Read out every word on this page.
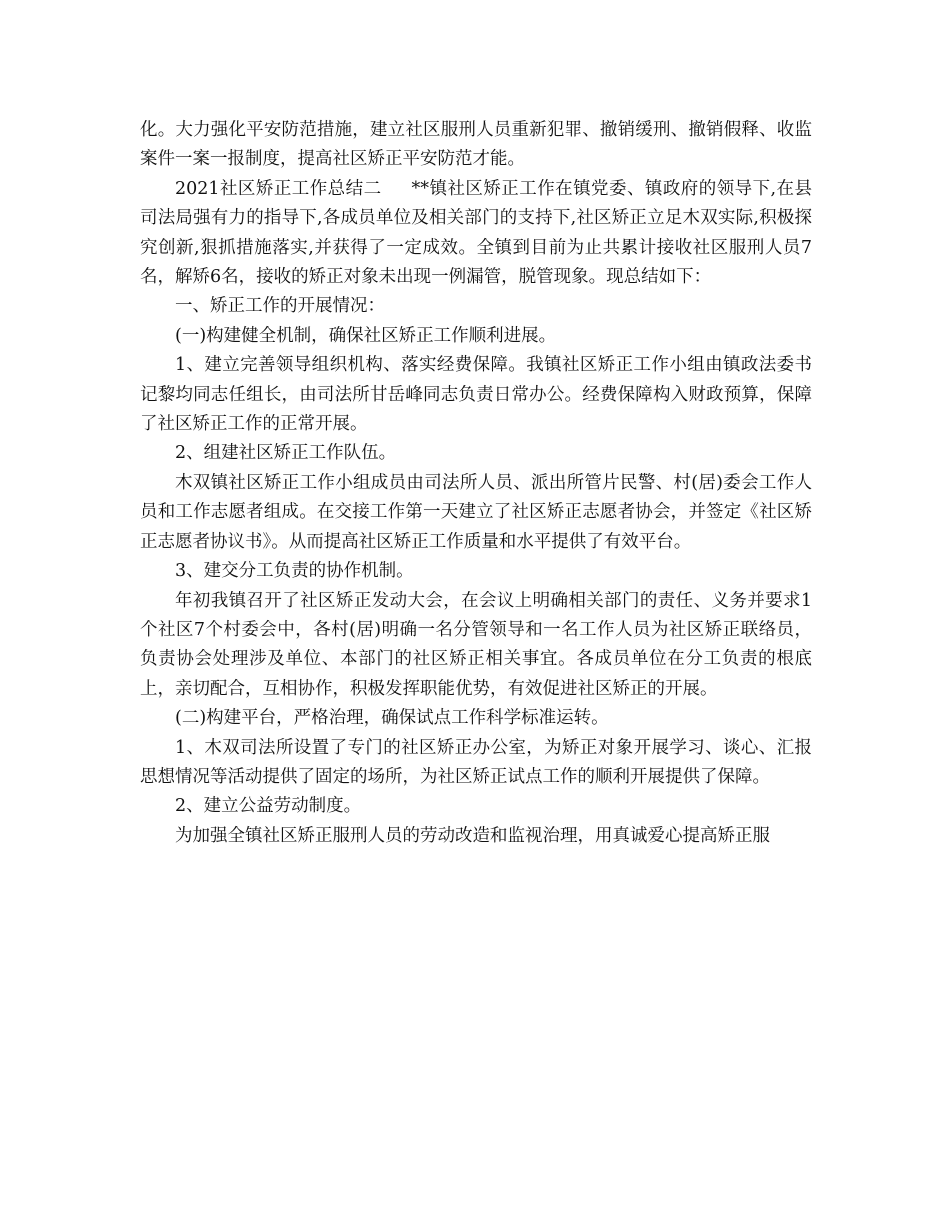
化。大力强化平安防范措施，建立社区服刑人员重新犯罪、撤销缓刑、撤销假释、收监案件一案一报制度，提高社区矫正平安防范才能。

2021社区矫正工作总结二 **镇社区矫正工作在镇党委、镇政府的领导下,在县司法局强有力的指导下,各成员单位及相关部门的支持下,社区矫正立足木双实际,积极探究创新,狠抓措施落实,并获得了一定成效。全镇到目前为止共累计接收社区服刑人员7名，解矫6名，接收的矫正对象未出现一例漏管，脱管现象。现总结如下：

一、矫正工作的开展情况：

(一)构建健全机制，确保社区矫正工作顺利进展。

1、建立完善领导组织机构、落实经费保障。我镇社区矫正工作小组由镇政法委书记黎均同志任组长，由司法所甘岳峰同志负责日常办公。经费保障构入财政预算，保障了社区矫正工作的正常开展。

2、组建社区矫正工作队伍。

木双镇社区矫正工作小组成员由司法所人员、派出所管片民警、村(居)委会工作人员和工作志愿者组成。在交接工作第一天建立了社区矫正志愿者协会，并签定《社区矫正志愿者协议书》。从而提高社区矫正工作质量和水平提供了有效平台。

3、建交分工负责的协作机制。

年初我镇召开了社区矫正发动大会，在会议上明确相关部门的责任、义务并要求1个社区7个村委会中，各村(居)明确一名分管领导和一名工作人员为社区矫正联络员，负责协会处理涉及单位、本部门的社区矫正相关事宜。各成员单位在分工负责的根底上，亲切配合，互相协作，积极发挥职能优势，有效促进社区矫正的开展。

(二)构建平台，严格治理，确保试点工作科学标准运转。

1、木双司法所设置了专门的社区矫正办公室，为矫正对象开展学习、谈心、汇报思想情况等活动提供了固定的场所，为社区矫正试点工作的顺利开展提供了保障。

2、建立公益劳动制度。

为加强全镇社区矫正服刑人员的劳动改造和监视治理，用真诚爱心提高矫正服
